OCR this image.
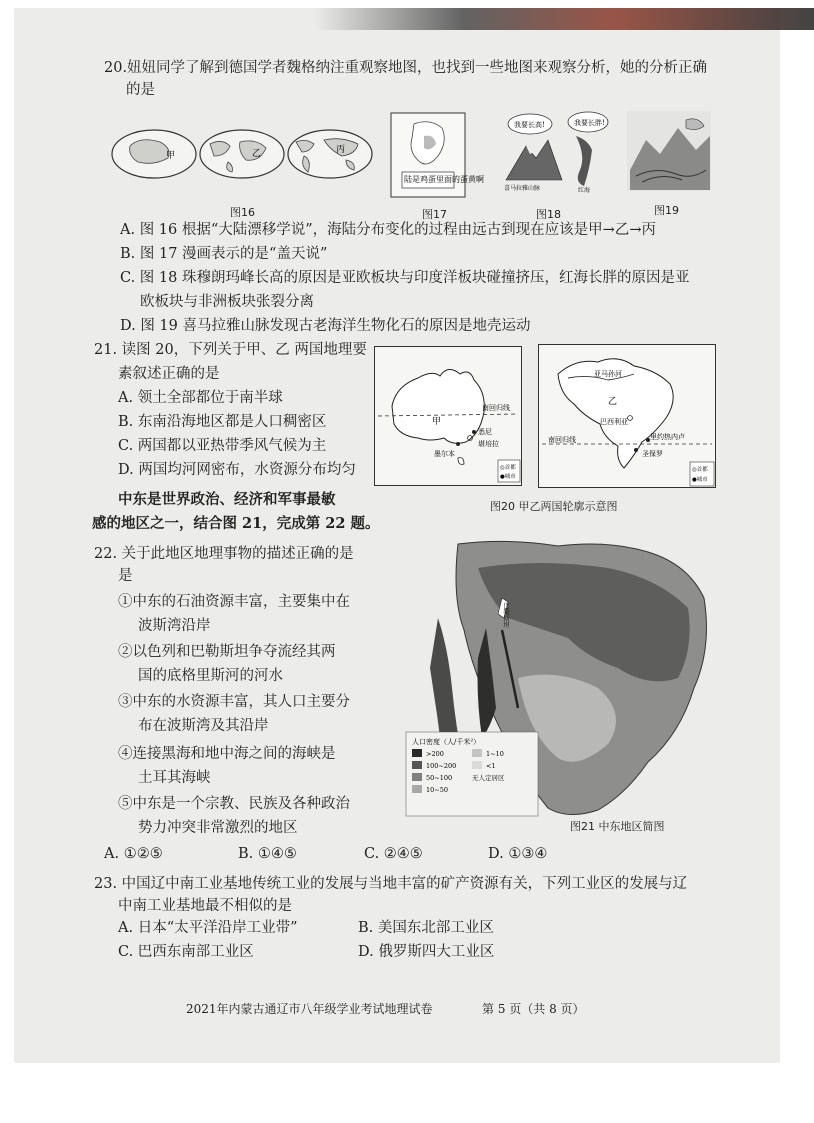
20.妞妞同学了解到德国学者魏格纳注重观察地图，也找到一些地图来观察分析，她的分析正确
的是
甲	乙	丙
图16
陆是鸡蛋里面的蛋黄啊
图17
我要长高!	我要长胖!
喜马拉雅山脉	红海
图18	图19
A. 图 16 根据“大陆漂移学说”，海陆分布变化的过程由远古到现在应该是甲→乙→丙
B. 图 17 漫画表示的是“盖天说”
C. 图 18 珠穆朗玛峰长高的原因是亚欧板块与印度洋板块碰撞挤压，红海长胖的原因是亚
欧板块与非洲板块张裂分离
D. 图 19 喜马拉雅山脉发现古老海洋生物化石的原因是地壳运动
21. 读图 20，下列关于甲、乙 两国地理要
素叙述正确的是
A. 领土全部都位于南半球
B. 东南沿海地区都是人口稠密区
C. 两国都以亚热带季风气候为主
D. 两国均河网密布，水资源分布均匀
甲
南回归线
悉尼
堪培拉
墨尔本
◎首都
●城市
亚马孙河
乙
巴西利亚
南回归线	里约热内卢
圣保罗
◎首都
●城市
图20 甲乙两国轮廓示意图
中东是世界政治、经济和军事最敏
感的地区之一，结合图 21，完成第 22 题。
22. 关于此地区地理事物的描述正确的是
是
①中东的石油资源丰富，主要集中在
波斯湾沿岸
②以色列和巴勒斯坦争夺流经其两
国的底格里斯河的河水
③中东的水资源丰富，其人口主要分
布在波斯湾及其沿岸
④连接黑海和地中海之间的海峡是
土耳其海峡
⑤中东是一个宗教、民族及各种政治
势力冲突非常激烈的地区
A. ①②⑤	B. ①④⑤	C. ②④⑤	D. ①③④
巴勒斯坦
人口密度（人/千米²）
>200
100~200
50~100
10~50
1~10
<1
无人定居区
图21 中东地区简图
23. 中国辽中南工业基地传统工业的发展与当地丰富的矿产资源有关，下列工业区的发展与辽
中南工业基地最不相似的是
A. 日本“太平洋沿岸工业带”	B. 美国东北部工业区
C. 巴西东南部工业区	D. 俄罗斯四大工业区
2021年内蒙古通辽市八年级学业考试地理试卷	第 5 页（共 8 页）
